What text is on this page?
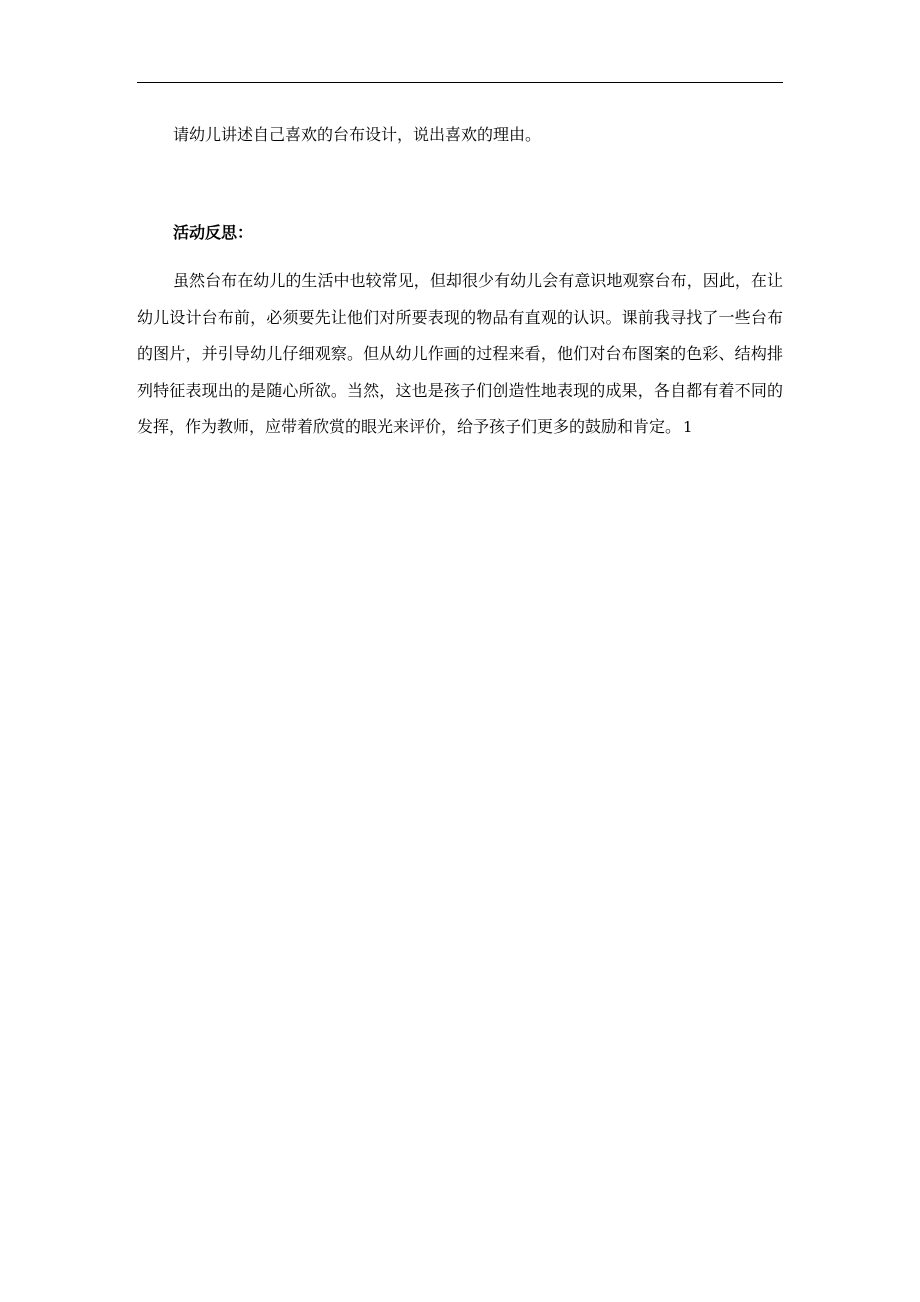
请幼儿讲述自己喜欢的台布设计，说出喜欢的理由。

活动反思：

虽然台布在幼儿的生活中也较常见，但却很少有幼儿会有意识地观察台布，因此，在让幼儿设计台布前，必须要先让他们对所要表现的物品有直观的认识。课前我寻找了一些台布的图片，并引导幼儿仔细观察。但从幼儿作画的过程来看，他们对台布图案的色彩、结构排列特征表现出的是随心所欲。当然，这也是孩子们创造性地表现的成果，各自都有着不同的发挥，作为教师，应带着欣赏的眼光来评价，给予孩子们更多的鼓励和肯定。 1
